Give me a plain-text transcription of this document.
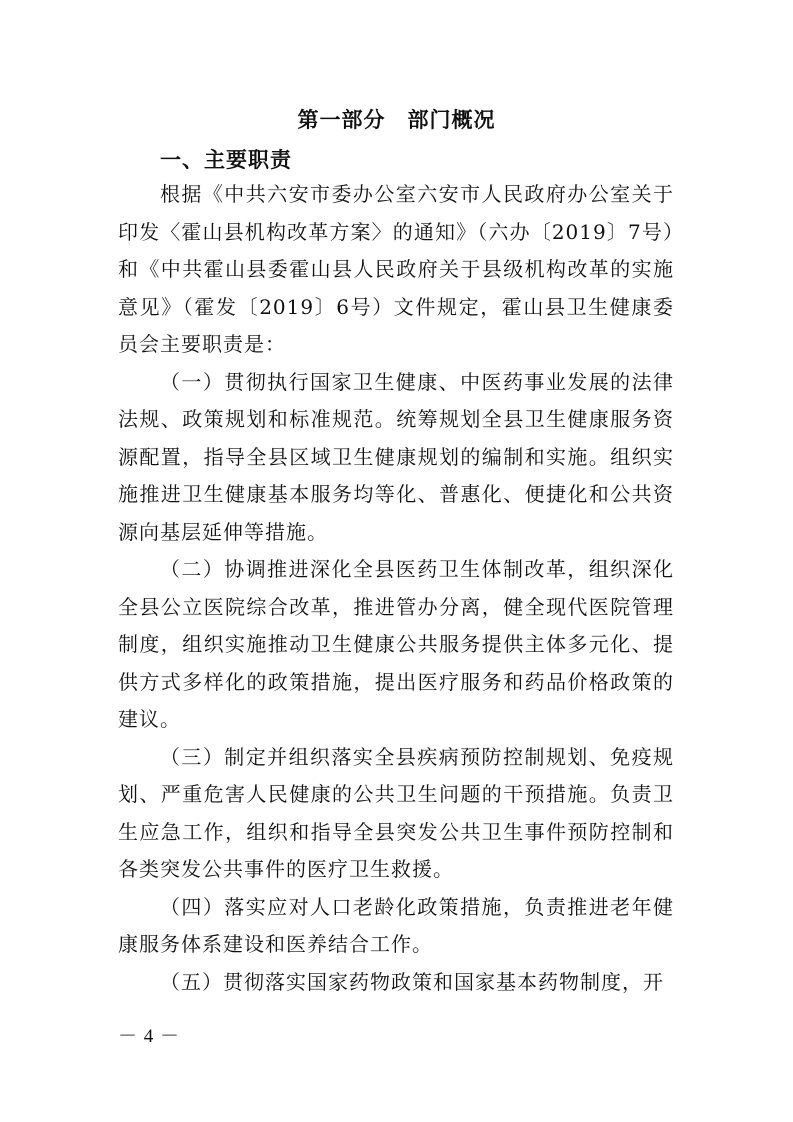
第一部分 部门概况
一、主要职责

根据《中共六安市委办公室六安市人民政府办公室关于印发〈霍山县机构改革方案〉的通知》（六办〔2019〕7号）和《中共霍山县委霍山县人民政府关于县级机构改革的实施意见》（霍发〔2019〕6号）文件规定，霍山县卫生健康委员会主要职责是：

（一）贯彻执行国家卫生健康、中医药事业发展的法律法规、政策规划和标准规范。统筹规划全县卫生健康服务资源配置，指导全县区域卫生健康规划的编制和实施。组织实施推进卫生健康基本服务均等化、普惠化、便捷化和公共资源向基层延伸等措施。

（二）协调推进深化全县医药卫生体制改革，组织深化全县公立医院综合改革，推进管办分离，健全现代医院管理制度，组织实施推动卫生健康公共服务提供主体多元化、提供方式多样化的政策措施，提出医疗服务和药品价格政策的建议。

（三）制定并组织落实全县疾病预防控制规划、免疫规划、严重危害人民健康的公共卫生问题的干预措施。负责卫生应急工作，组织和指导全县突发公共卫生事件预防控制和各类突发公共事件的医疗卫生救援。

（四）落实应对人口老龄化政策措施，负责推进老年健康服务体系建设和医养结合工作。

（五）贯彻落实国家药物政策和国家基本药物制度，开

－ 4 －
